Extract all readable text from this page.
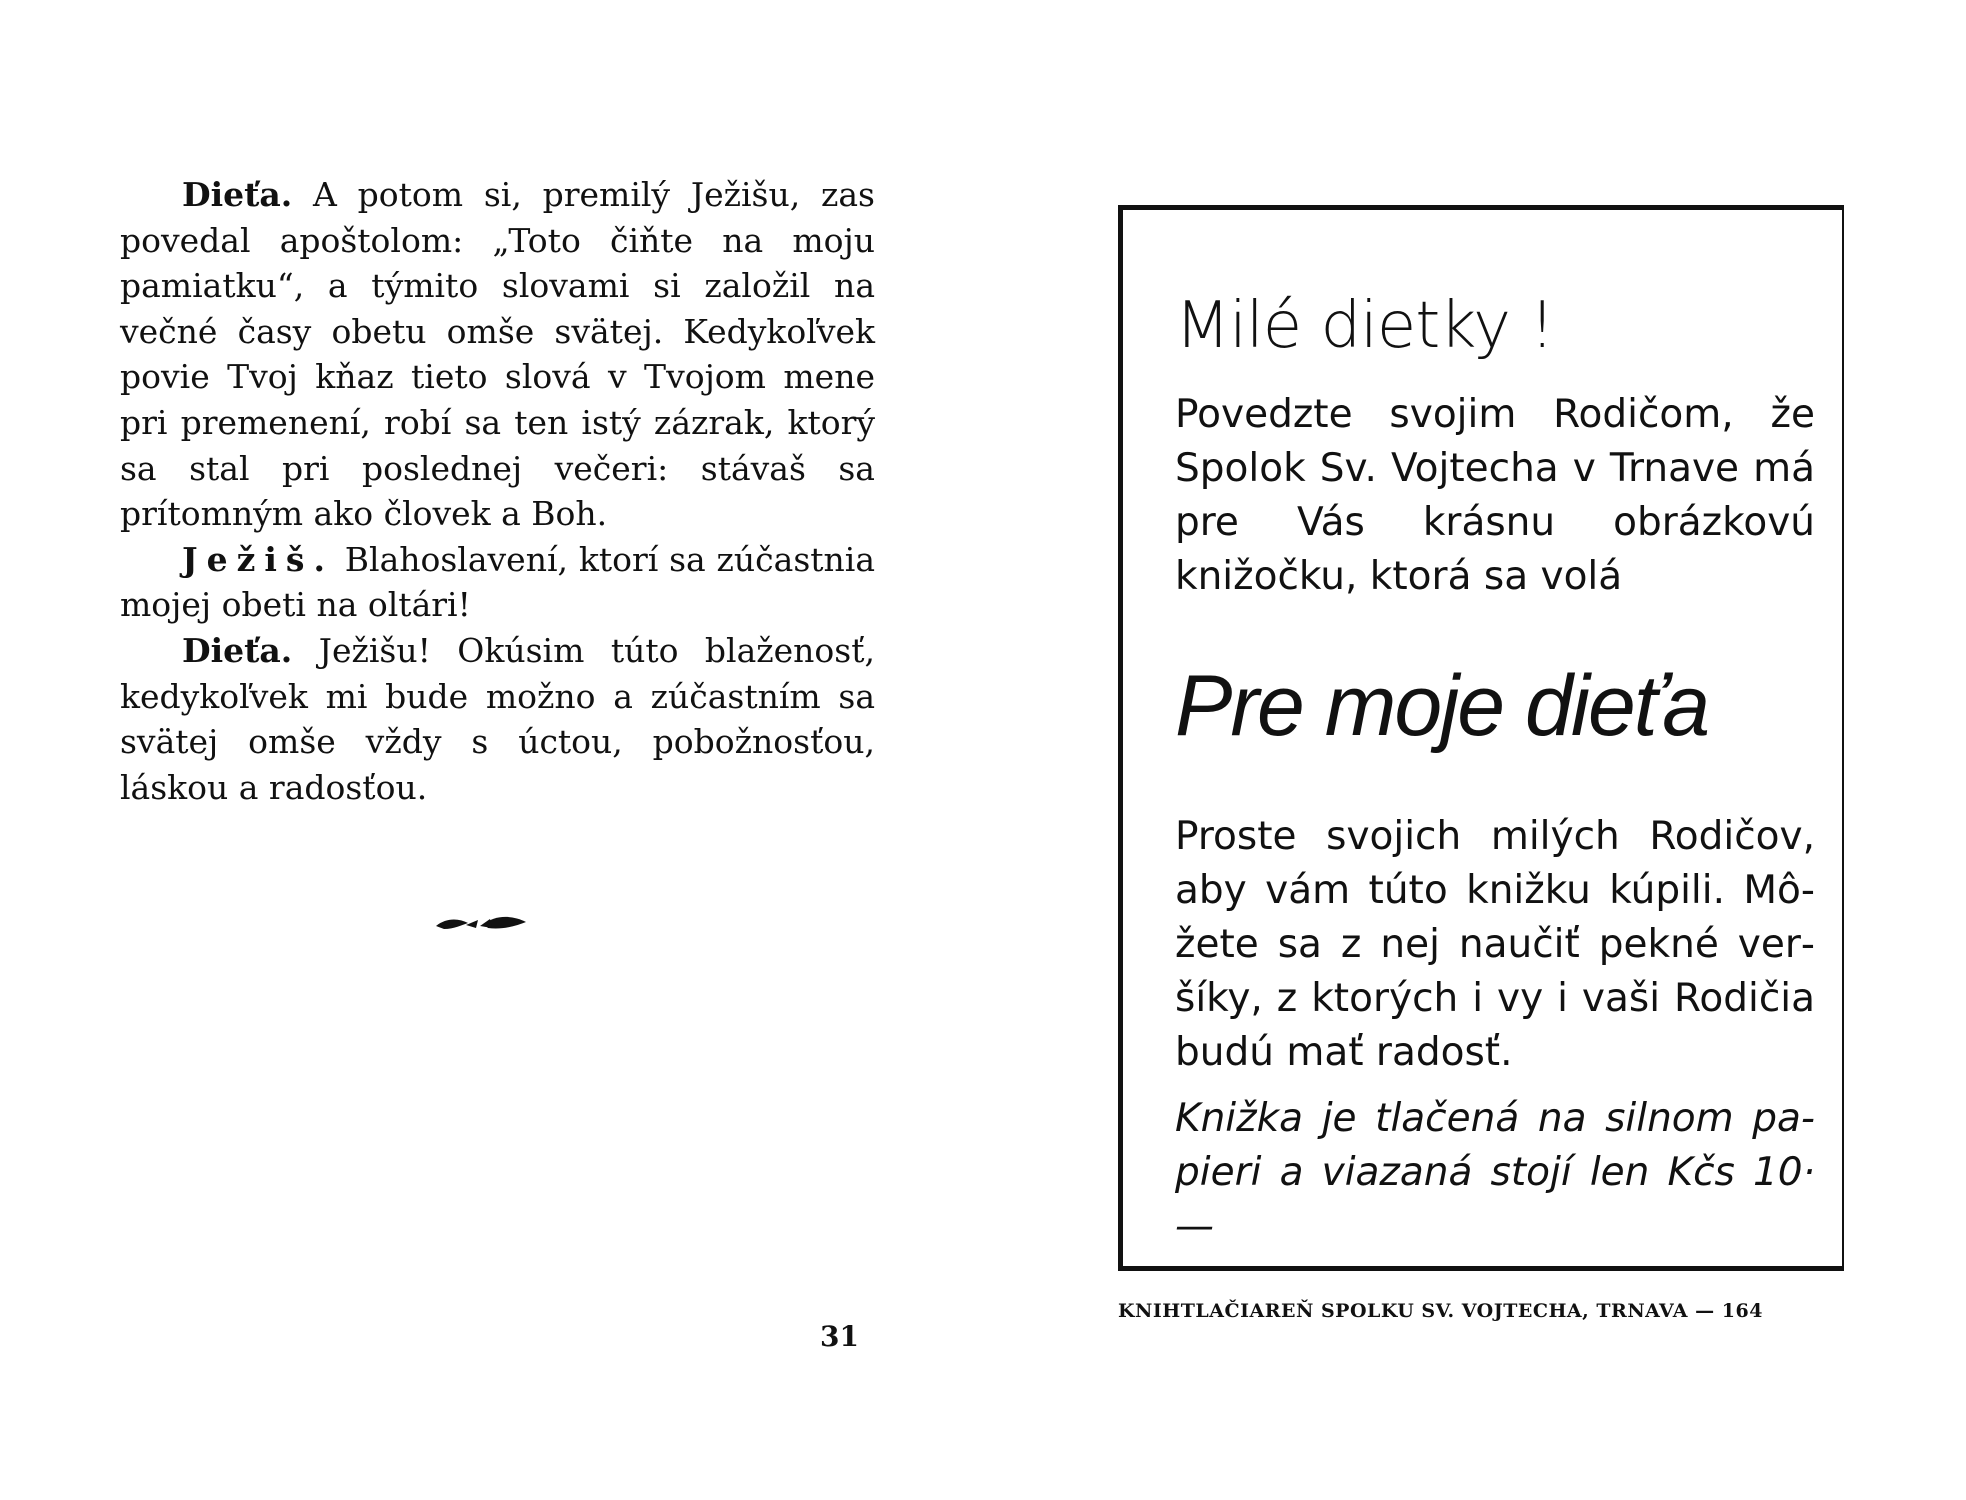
Dieťa. A potom si, premilý Ježišu, zas povedal apoštolom: „Toto čiňte na moju pamiatku“, a týmito slovami si založil na večné časy obetu omše svätej. Kedykoľvek povie Tvoj kňaz tieto slová v Tvojom mene pri premenení, robí sa ten istý zázrak, ktorý sa stal pri poslednej večeri: stávaš sa prítomným ako človek a Boh.

Ježiš. Blahoslavení, ktorí sa zúčastnia mojej obeti na oltári!

Dieťa. Ježišu! Okúsim túto blaženosť, kedykoľvek mi bude možno a zúčastním sa svätej omše vždy s úctou, pobožnosťou, láskou a radosťou.

31
Milé dietky !

Povedzte svojim Rodičom, že Spolok Sv. Vojtecha v Trnave má pre Vás krásnu obrázkovú knižočku, ktorá sa volá

Pre moje dieťa

Proste svojich milých Rodičov, aby vám túto knižku kúpili. Môžete sa z nej naučiť pekné veršíky, z ktorých i vy i vaši Rodičia budú mať radosť.

Knižka je tlačená na silnom papieri a viazaná stojí len Kčs 10·—

KNIHTLAČIAREŇ SPOLKU SV. VOJTECHA, TRNAVA — 164
